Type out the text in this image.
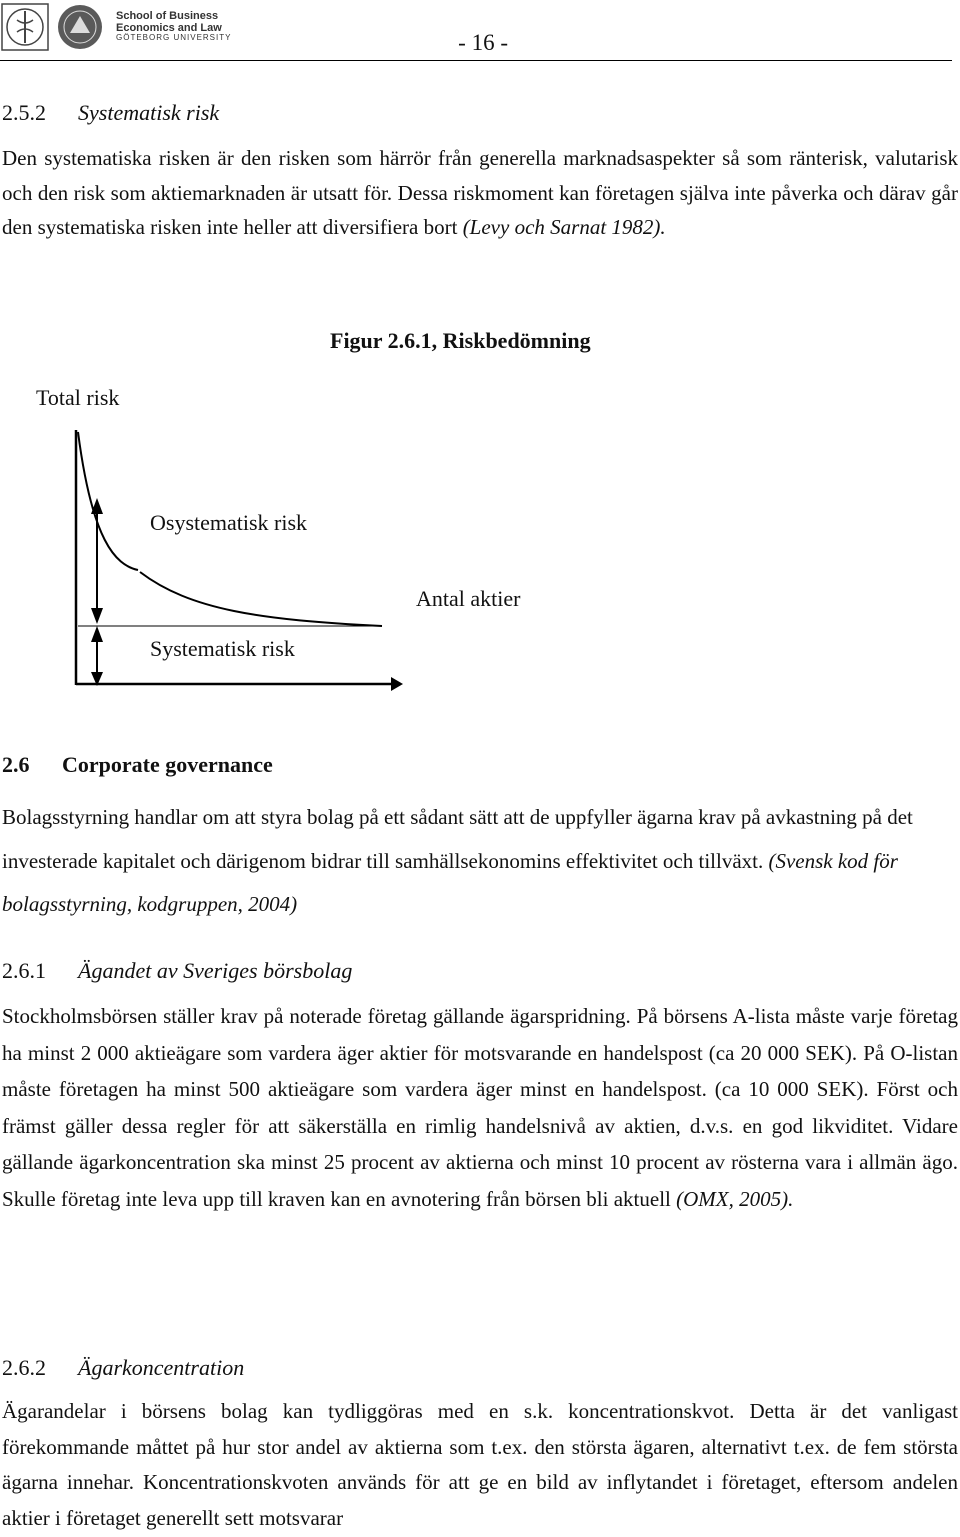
School of Business
Economics and Law
GÖTEBORG UNIVERSITY	- 16 -
2.5.2 Systematisk risk

Den systematiska risken är den risken som härrör från generella marknadsaspekter så som ränterisk, valutarisk och den risk som aktiemarknaden är utsatt för. Dessa riskmoment kan företagen själva inte påverka och därav går den systematiska risken inte heller att diversifiera bort (Levy och Sarnat 1982).

Figur 2.6.1, Riskbedömning
Total risk
Osystematisk risk
Antal aktier
Systematisk risk
2.6 Corporate governance

Bolagsstyrning handlar om att styra bolag på ett sådant sätt att de uppfyller ägarna krav på avkastning på det investerade kapitalet och därigenom bidrar till samhällsekonomins effektivitet och tillväxt. (Svensk kod för bolagsstyrning, kodgruppen, 2004)

2.6.1 Ägandet av Sveriges börsbolag

Stockholmsbörsen ställer krav på noterade företag gällande ägarspridning. På börsens A-lista måste varje företag ha minst 2 000 aktieägare som vardera äger aktier för motsvarande en handelspost (ca 20 000 SEK). På O-listan måste företagen ha minst 500 aktieägare som vardera äger minst en handelspost. (ca 10 000 SEK). Först och främst gäller dessa regler för att säkerställa en rimlig handelsnivå av aktien, d.v.s. en god likviditet. Vidare gällande ägarkoncentration ska minst 25 procent av aktierna och minst 10 procent av rösterna vara i allmän ägo. Skulle företag inte leva upp till kraven kan en avnotering från börsen bli aktuell (OMX, 2005).

2.6.2 Ägarkoncentration

Ägarandelar i börsens bolag kan tydliggöras med en s.k. koncentrationskvot. Detta är det vanligast förekommande måttet på hur stor andel av aktierna som t.ex. den största ägaren, alternativt t.ex. de fem största ägarna innehar. Koncentrationskvoten används för att ge en bild av inflytandet i företaget, eftersom andelen aktier i företaget generellt sett motsvarar
